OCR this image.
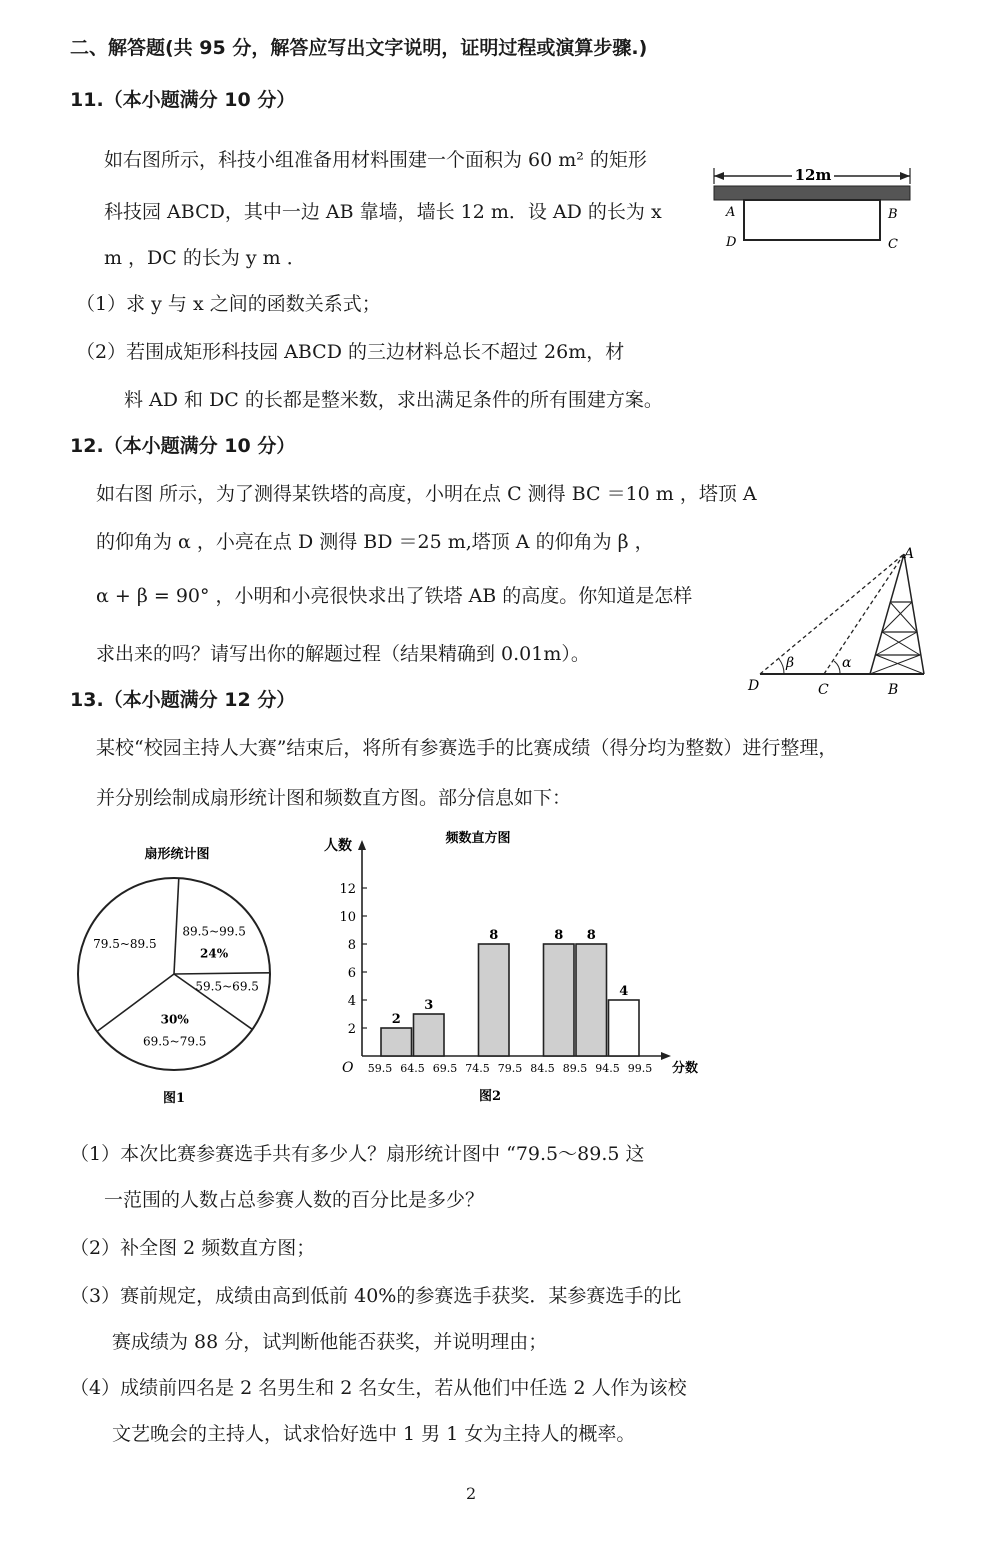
二、解答题(共 95 分，解答应写出文字说明，证明过程或演算步骤.)
11.（本小题满分 10 分）
如右图所示，科技小组准备用材料围建一个面积为 60 m² 的矩形
科技园 ABCD，其中一边 AB 靠墙，墙长 12 m．设 AD 的长为 x
m ，DC 的长为 y m ．
（1）求 y 与 x 之间的函数关系式；
（2）若围成矩形科技园 ABCD 的三边材料总长不超过 26m，材
料 AD 和 DC 的长都是整米数，求出满足条件的所有围建方案。
12m
A	B
C
D
12.（本小题满分 10 分）
如右图 所示，为了测得某铁塔的高度，小明在点 C 测得 BC ＝10 m ，塔顶 A
的仰角为 α ，小亮在点 D 测得 BD ＝25 m,塔顶 A 的仰角为 β ，
α + β = 90° ，小明和小亮很快求出了铁塔 AB 的高度。你知道是怎样
求出来的吗？请写出你的解题过程（结果精确到 0.01m）。	β	α
A
D	C	B
13.（本小题满分 12 分）
某校“校园主持人大赛”结束后，将所有参赛选手的比赛成绩（得分均为整数）进行整理，
并分别绘制成扇形统计图和频数直方图。部分信息如下：
扇形统计图
89.5~99.5
24%
59.5~69.5
69.5~79.5
30%
79.5~89.5
图1
频数直方图
人数
分数
O
2
3
8	8 8
4
2
4
6
8
10
12
59.5 64.5 69.5 74.5 79.5 84.5 89.5 94.5 99.5
图2
（1）本次比赛参赛选手共有多少人？扇形统计图中 “79.5～89.5 这
一范围的人数占总参赛人数的百分比是多少？
（2）补全图 2 频数直方图；
（3）赛前规定，成绩由高到低前 40%的参赛选手获奖．某参赛选手的比
赛成绩为 88 分，试判断他能否获奖，并说明理由；
（4）成绩前四名是 2 名男生和 2 名女生，若从他们中任选 2 人作为该校
文艺晚会的主持人，试求恰好选中 1 男 1 女为主持人的概率。
2
